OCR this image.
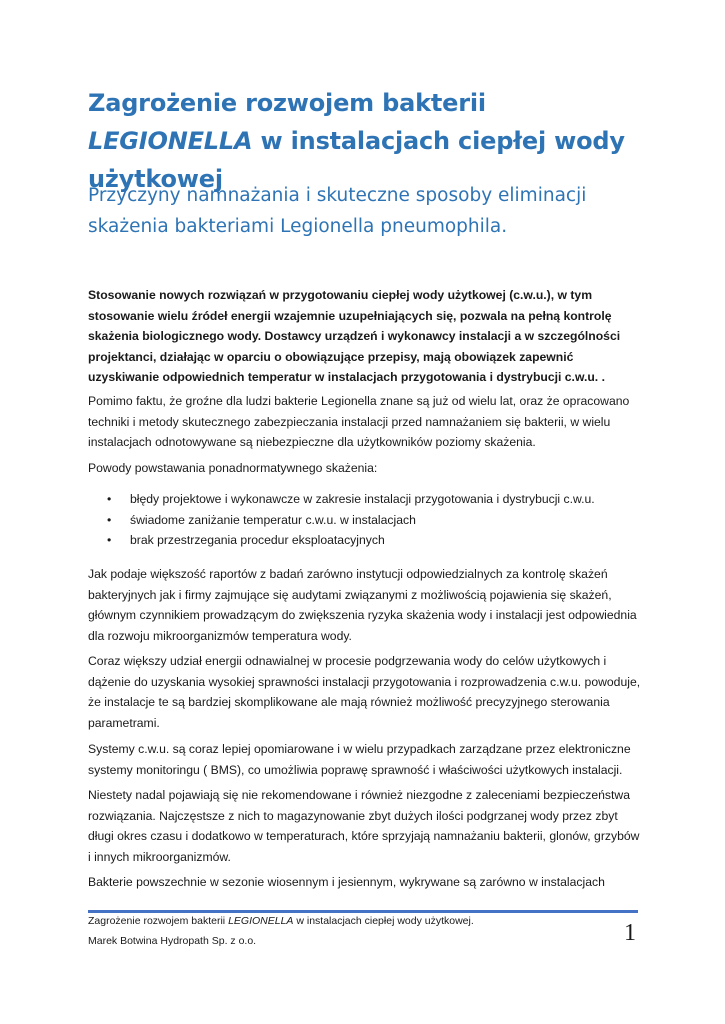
Zagrożenie rozwojem bakterii LEGIONELLA w instalacjach ciepłej wody użytkowej
Przyczyny namnażania i skuteczne sposoby eliminacji skażenia bakteriami Legionella pneumophila.

Stosowanie nowych rozwiązań w przygotowaniu ciepłej wody użytkowej (c.w.u.), w tym stosowanie wielu źródeł energii wzajemnie uzupełniających się, pozwala na pełną kontrolę skażenia biologicznego wody. Dostawcy urządzeń i wykonawcy instalacji a w szczególności projektanci, działając w oparciu o obowiązujące przepisy, mają obowiązek zapewnić uzyskiwanie odpowiednich temperatur w instalacjach przygotowania i dystrybucji c.w.u. .

Pomimo faktu, że groźne dla ludzi bakterie Legionella znane są już od wielu lat, oraz że opracowano techniki i metody skutecznego zabezpieczania instalacji przed namnażaniem się bakterii, w wielu instalacjach odnotowywane są niebezpieczne dla użytkowników poziomy skażenia.

Powody powstawania ponadnormatywnego skażenia:

• błędy projektowe i wykonawcze w zakresie instalacji przygotowania i dystrybucji c.w.u.
• świadome zaniżanie temperatur c.w.u. w instalacjach
• brak przestrzegania procedur eksploatacyjnych

Jak podaje większość raportów z badań zarówno instytucji odpowiedzialnych za kontrolę skażeń bakteryjnych jak i firmy zajmujące się audytami związanymi z możliwością pojawienia się skażeń, głównym czynnikiem prowadzącym do zwiększenia ryzyka skażenia wody i instalacji jest odpowiednia dla rozwoju mikroorganizmów temperatura wody.

Coraz większy udział energii odnawialnej w procesie podgrzewania wody do celów użytkowych i dążenie do uzyskania wysokiej sprawności instalacji przygotowania i rozprowadzenia c.w.u. powoduje, że instalacje te są bardziej skomplikowane ale mają również możliwość precyzyjnego sterowania parametrami.

Systemy c.w.u. są coraz lepiej opomiarowane i w wielu przypadkach zarządzane przez elektroniczne systemy monitoringu ( BMS), co umożliwia poprawę sprawność i właściwości użytkowych instalacji.

Niestety nadal pojawiają się nie rekomendowane i również niezgodne z zaleceniami bezpieczeństwa rozwiązania. Najczęstsze z nich to magazynowanie zbyt dużych ilości podgrzanej wody przez zbyt długi okres czasu i dodatkowo w temperaturach, które sprzyjają namnażaniu bakterii, glonów, grzybów i innych mikroorganizmów.

Bakterie powszechnie w sezonie wiosennym i jesiennym, wykrywane są zarówno w instalacjach

Zagrożenie rozwojem bakterii LEGIONELLA w instalacjach ciepłej wody użytkowej.
Marek Botwina Hydropath Sp. z o.o.	1
